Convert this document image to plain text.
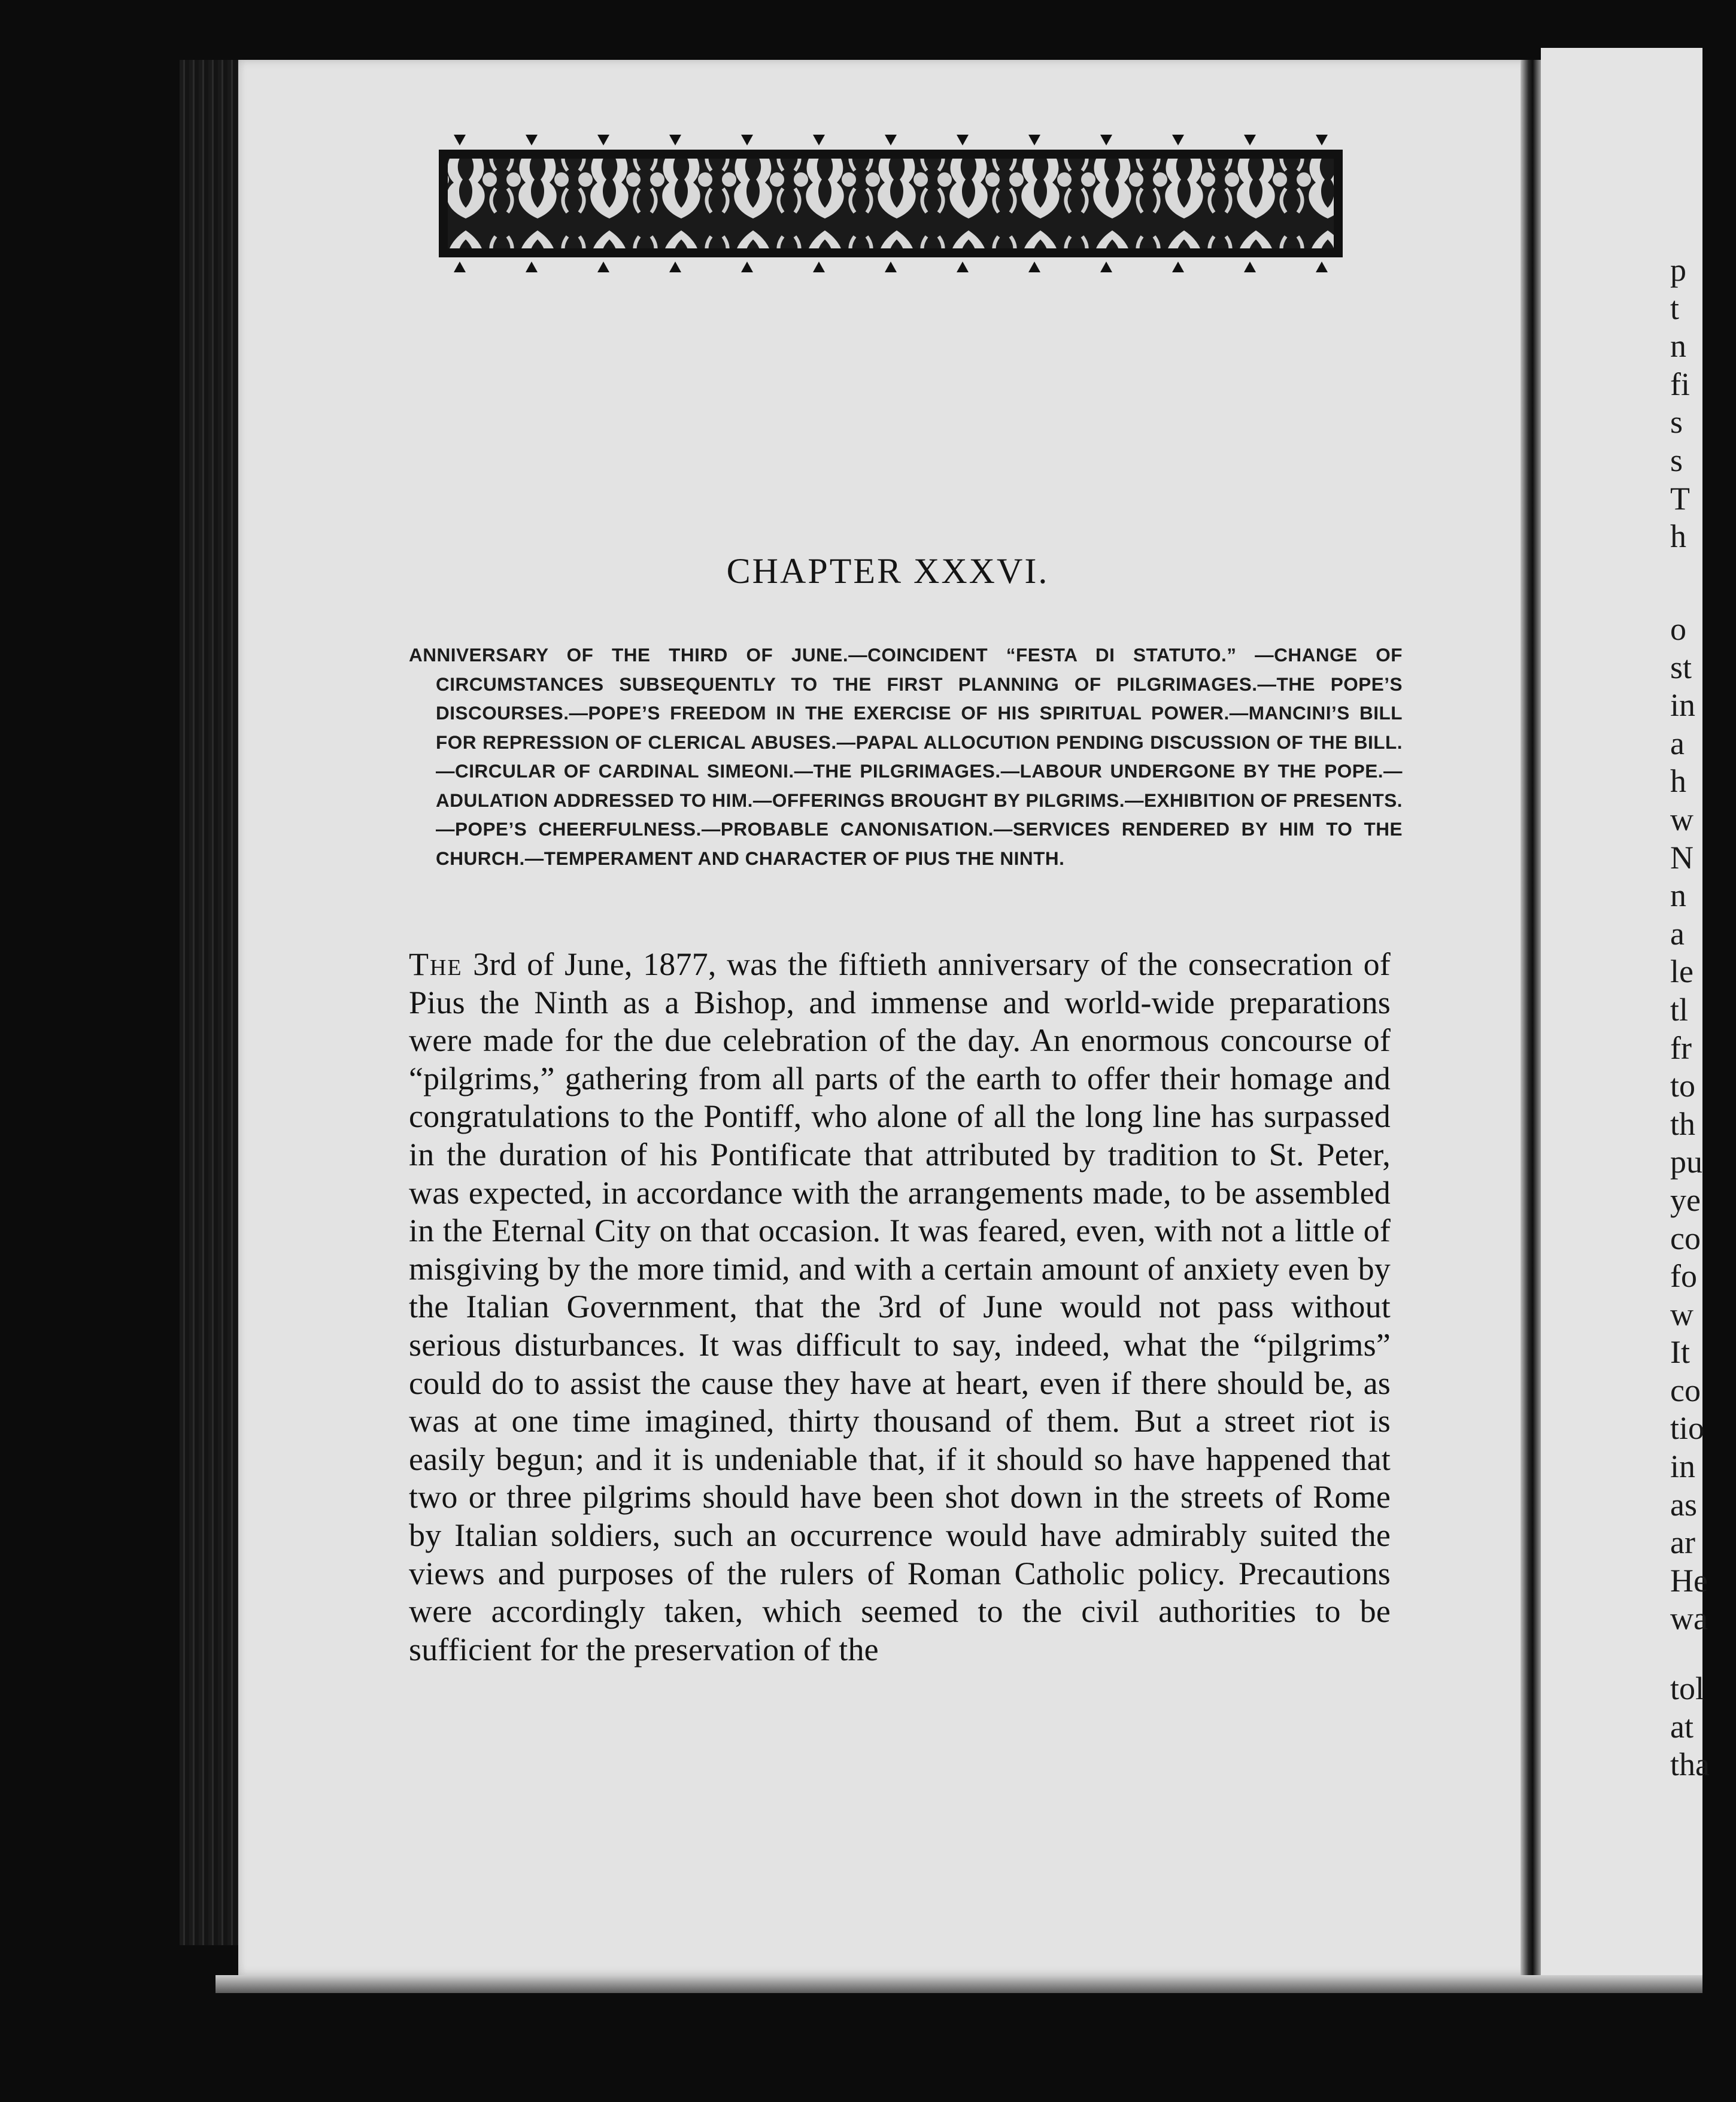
CHAPTER XXXVI.
ANNIVERSARY OF THE THIRD OF JUNE.—COINCIDENT “FESTA DI STATUTO.” —CHANGE OF CIRCUMSTANCES SUBSEQUENTLY TO THE FIRST PLANNING OF PILGRIMAGES.—THE POPE’S DISCOURSES.—POPE’S FREEDOM IN THE EXERCISE OF HIS SPIRITUAL POWER.—MANCINI’S BILL FOR REPRESSION OF CLERICAL ABUSES.—PAPAL ALLOCUTION PENDING DISCUSSION OF THE BILL.—CIRCULAR OF CARDINAL SIMEONI.—THE PILGRIMAGES.—LABOUR UNDERGONE BY THE POPE.—ADULATION ADDRESSED TO HIM.—OFFERINGS BROUGHT BY PILGRIMS.—EXHIBITION OF PRESENTS.—POPE’S CHEERFULNESS.—PROBABLE CANONISATION.—SERVICES RENDERED BY HIM TO THE CHURCH.—TEMPERAMENT AND CHARACTER OF PIUS THE NINTH.
The 3rd of June, 1877, was the fiftieth anniversary of the consecration of Pius the Ninth as a Bishop, and immense and world-wide preparations were made for the due celebration of the day. An enormous concourse of “pilgrims,” gathering from all parts of the earth to offer their homage and congratulations to the Pontiff, who alone of all the long line has surpassed in the duration of his Pontificate that attributed by tradition to St. Peter, was expected, in accordance with the arrangements made, to be assembled in the Eternal City on that occasion. It was feared, even, with not a little of misgiving by the more timid, and with a certain amount of anxiety even by the Italian Government, that the 3rd of June would not pass without serious disturbances. It was difficult to say, indeed, what the “pilgrims” could do to assist the cause they have at heart, even if there should be, as was at one time imagined, thirty thousand of them. But a street riot is easily begun; and it is undeniable that, if it should so have happened that two or three pilgrims should have been shot down in the streets of Rome by Italian soldiers, such an occurrence would have admirably suited the views and purposes of the rulers of Roman Catholic policy. Precautions were accordingly taken, which seemed to the civil authorities to be sufficient for the preservation of the
p
t
n
fi
s
s
T
h
o
st
in
a
h
w
N
n
a
le
tl
fr
to
th
pu
ye
co
fo
w
It
co
tio
in
as
ar
He
wa
tol
at
tha
